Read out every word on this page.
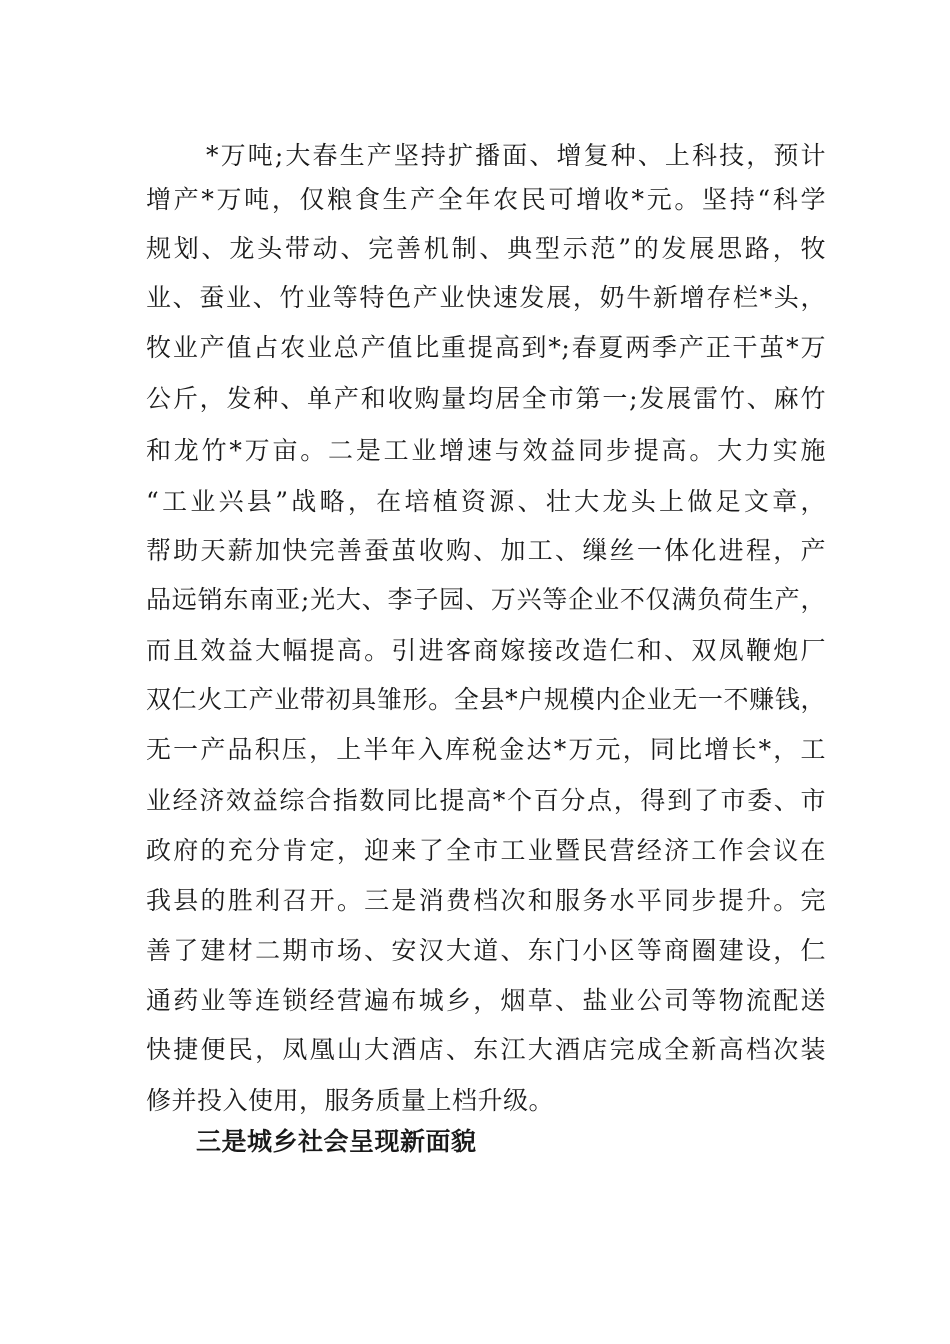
*万吨;大春生产坚持扩播面、增复种、上科技，预计
增产*万吨，仅粮食生产全年农民可增收*元。坚持“科学
规划、龙头带动、完善机制、典型示范”的发展思路，牧
业、蚕业、竹业等特色产业快速发展，奶牛新增存栏*头，
牧业产值占农业总产值比重提高到*;春夏两季产正干茧*万
公斤，发种、单产和收购量均居全市第一;发展雷竹、麻竹
和龙竹*万亩。二是工业增速与效益同步提高。大力实施
“工业兴县”战略，在培植资源、壮大龙头上做足文章，
帮助天薪加快完善蚕茧收购、加工、缫丝一体化进程，产
品远销东南亚;光大、李子园、万兴等企业不仅满负荷生产，
而且效益大幅提高。引进客商嫁接改造仁和、双凤鞭炮厂
双仁火工产业带初具雏形。全县*户规模内企业无一不赚钱，
无一产品积压，上半年入库税金达*万元，同比增长*，工
业经济效益综合指数同比提高*个百分点，得到了市委、市
政府的充分肯定，迎来了全市工业暨民营经济工作会议在
我县的胜利召开。三是消费档次和服务水平同步提升。完
善了建材二期市场、安汉大道、东门小区等商圈建设，仁
通药业等连锁经营遍布城乡，烟草、盐业公司等物流配送
快捷便民，凤凰山大酒店、东江大酒店完成全新高档次装
修并投入使用，服务质量上档升级。
三是城乡社会呈现新面貌
